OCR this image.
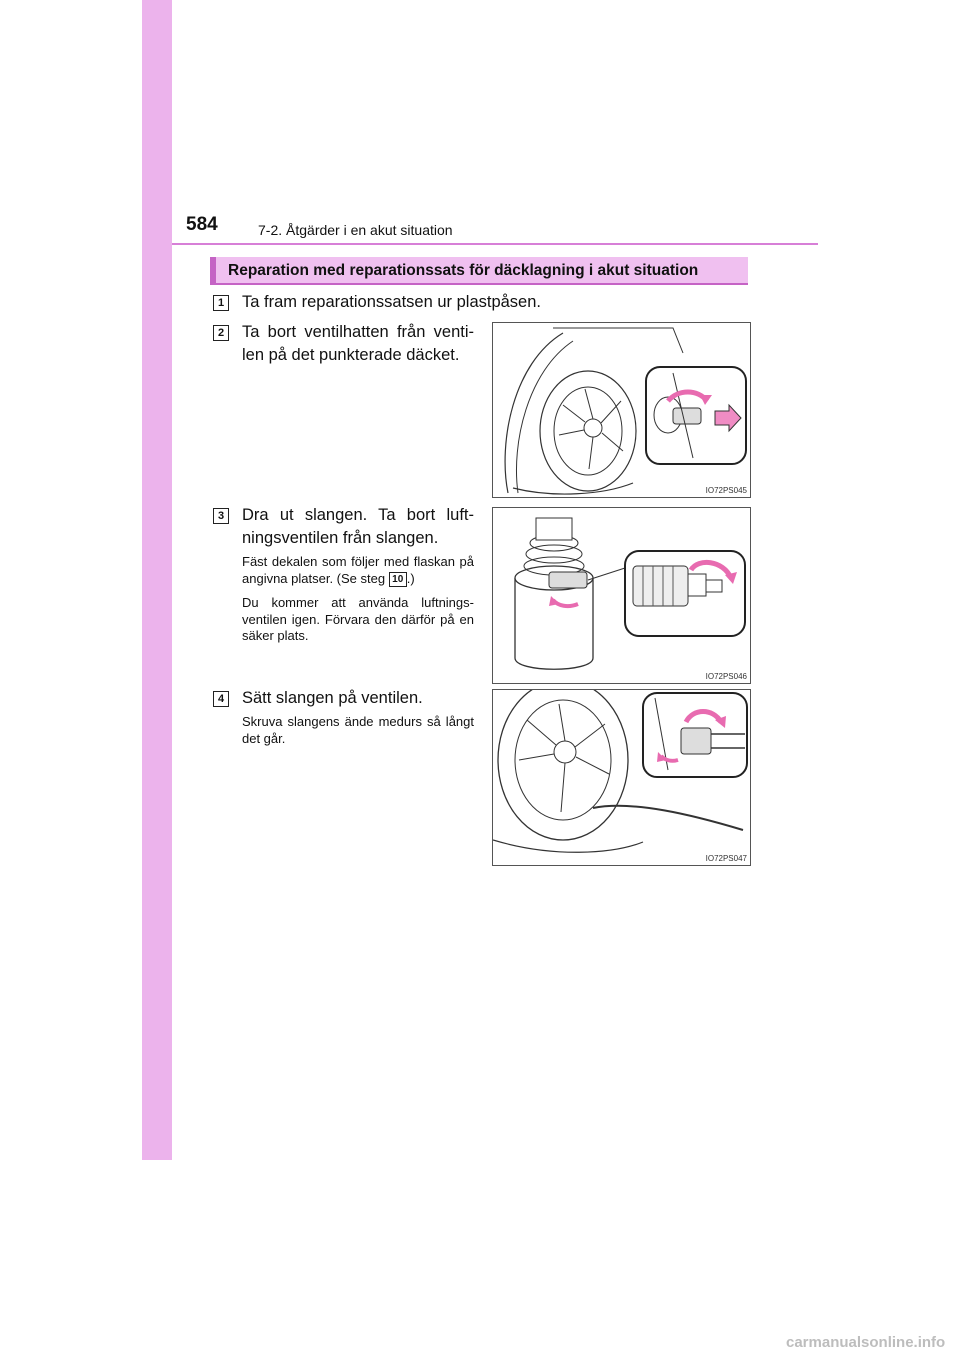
584	7-2. Åtgärder i en akut situation
Reparation med reparationssats för däcklagning i akut situation
1 Ta fram reparationssatsen ur plastpåsen.
2 Ta bort ventilhatten från ventilen på det punkterade däcket.
IO72PS045
3 Dra ut slangen. Ta bort luftningsventilen från slangen.
Fäst dekalen som följer med flaskan på angivna platser. (Se steg 10 .)
Du kommer att använda luftningsventilen igen. Förvara den därför på en säker plats.
IO72PS046
4 Sätt slangen på ventilen.
Skruva slangens ände medurs så långt det går.
IO72PS047
carmanualsonline.info
